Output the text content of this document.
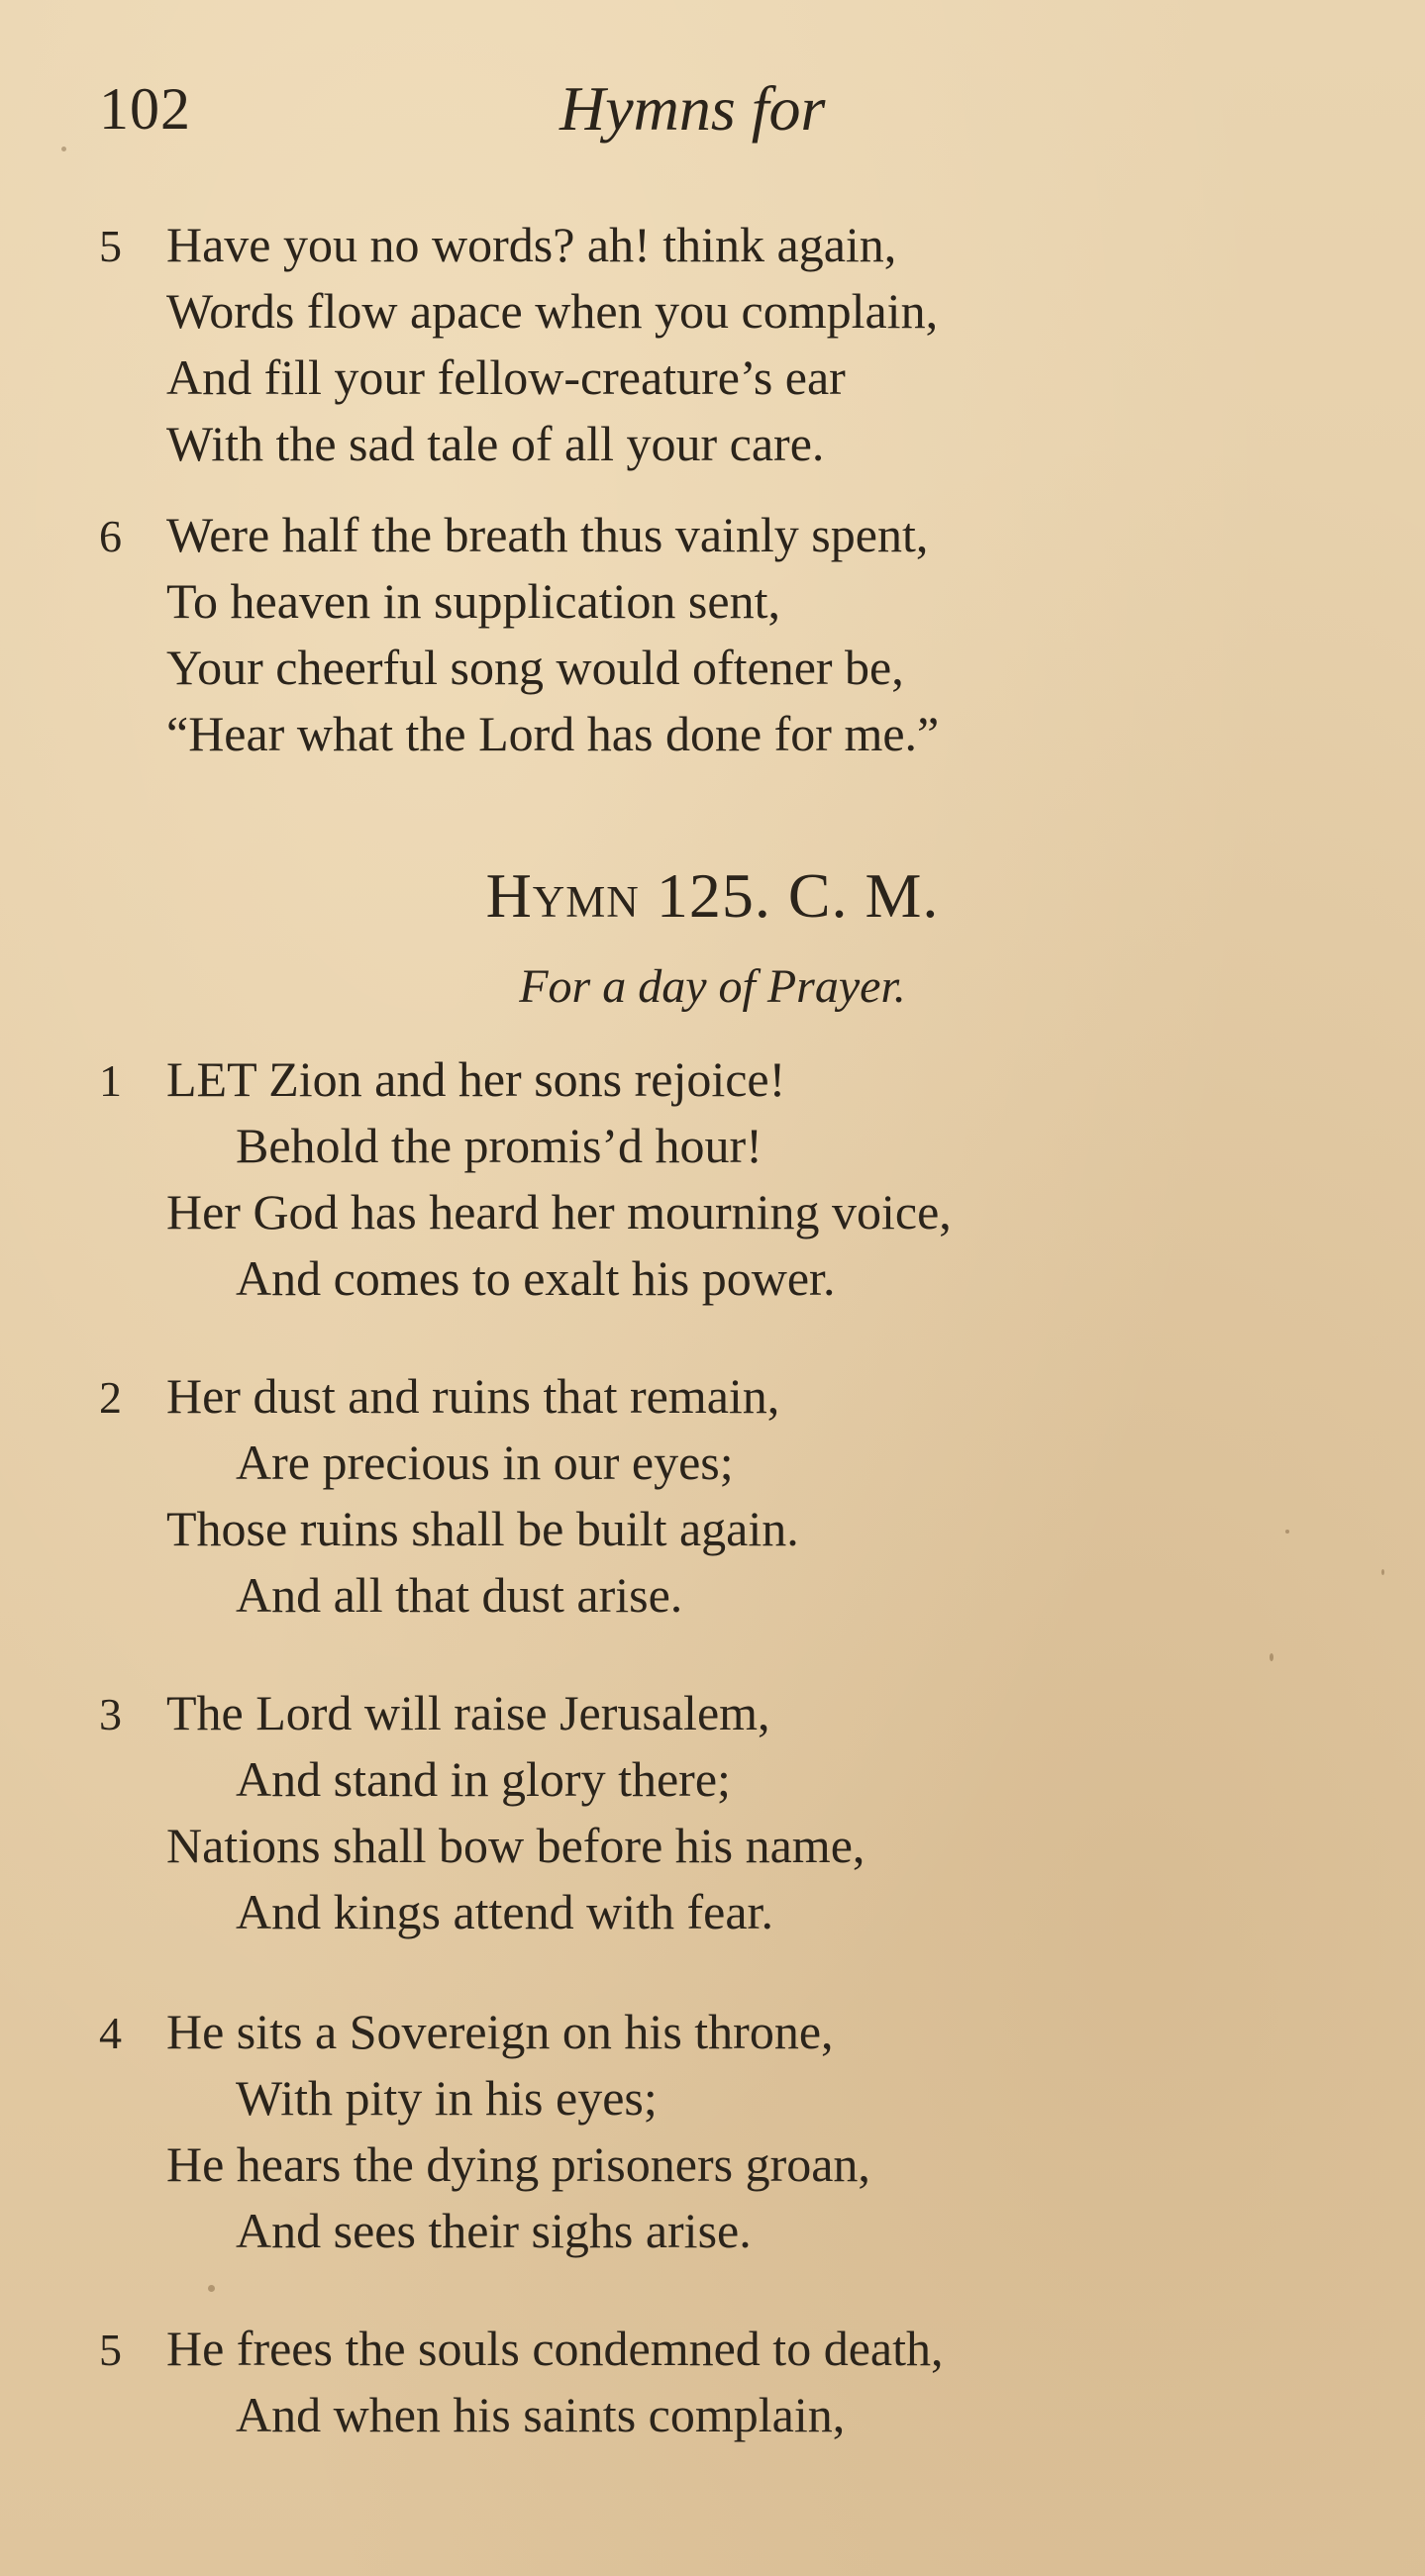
102	Hymns for
5 Have you no words? ah! think again,
Words flow apace when you complain,
And fill your fellow-creature’s ear
With the sad tale of all your care.
6 Were half the breath thus vainly spent,
To heaven in supplication sent,
Your cheerful song would oftener be,
“Hear what the Lord has done for me.”
Hymn 125. C. M.
For a day of Prayer.
1 LET Zion and her sons rejoice!
Behold the promis’d hour!
Her God has heard her mourning voice,
And comes to exalt his power.
2 Her dust and ruins that remain,
Are precious in our eyes;
Those ruins shall be built again.
And all that dust arise.
3 The Lord will raise Jerusalem,
And stand in glory there;
Nations shall bow before his name,
And kings attend with fear.
4 He sits a Sovereign on his throne,
With pity in his eyes;
He hears the dying prisoners groan,
And sees their sighs arise.
5 He frees the souls condemned to death,
And when his saints complain,
